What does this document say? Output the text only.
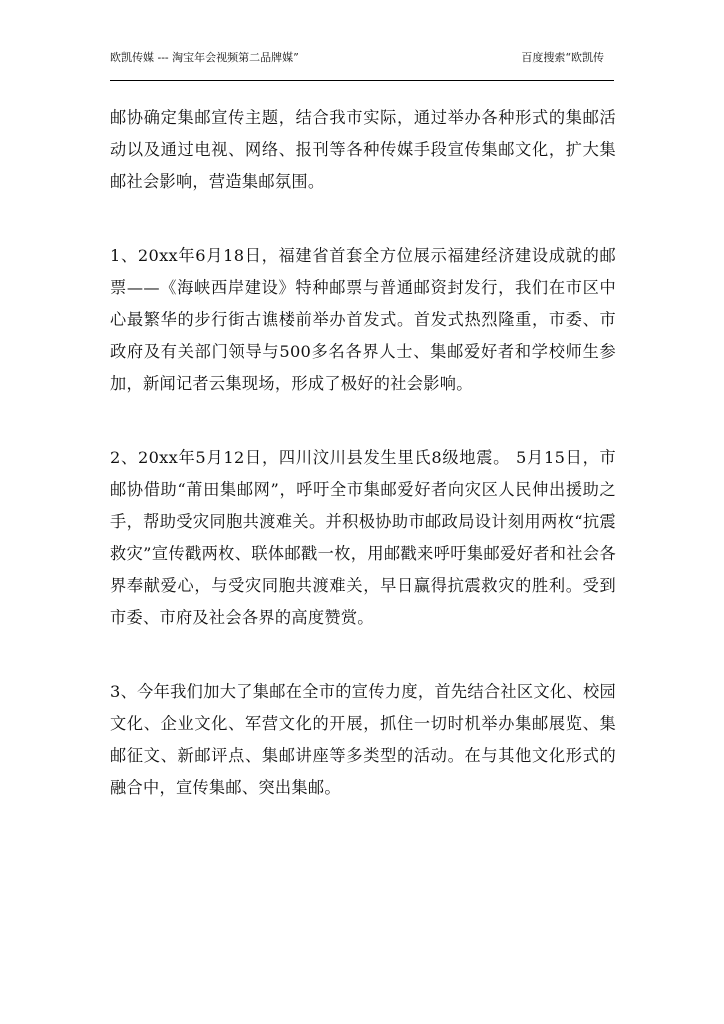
欧凯传媒 --- 淘宝年会视频第二品牌媒”	百度搜索“欧凯传

邮协确定集邮宣传主题，结合我市实际，通过举办各种形式的集邮活动以及通过电视、网络、报刊等各种传媒手段宣传集邮文化，扩大集邮社会影响，营造集邮氛围。

1、20xx年6月18日，福建省首套全方位展示福建经济建设成就的邮票——《海峡西岸建设》特种邮票与普通邮资封发行，我们在市区中心最繁华的步行街古谯楼前举办首发式。首发式热烈隆重，市委、市政府及有关部门领导与500多名各界人士、集邮爱好者和学校师生参加，新闻记者云集现场，形成了极好的社会影响。

2、20xx年5月12日，四川汶川县发生里氏8级地震。 5月15日，市邮协借助“莆田集邮网”，呼吁全市集邮爱好者向灾区人民伸出援助之手，帮助受灾同胞共渡难关。并积极协助市邮政局设计刻用两枚“抗震救灾”宣传戳两枚、联体邮戳一枚，用邮戳来呼吁集邮爱好者和社会各界奉献爱心，与受灾同胞共渡难关，早日赢得抗震救灾的胜利。受到市委、市府及社会各界的高度赞赏。

3、今年我们加大了集邮在全市的宣传力度，首先结合社区文化、校园文化、企业文化、军营文化的开展，抓住一切时机举办集邮展览、集邮征文、新邮评点、集邮讲座等多类型的活动。在与其他文化形式的融合中，宣传集邮、突出集邮。
